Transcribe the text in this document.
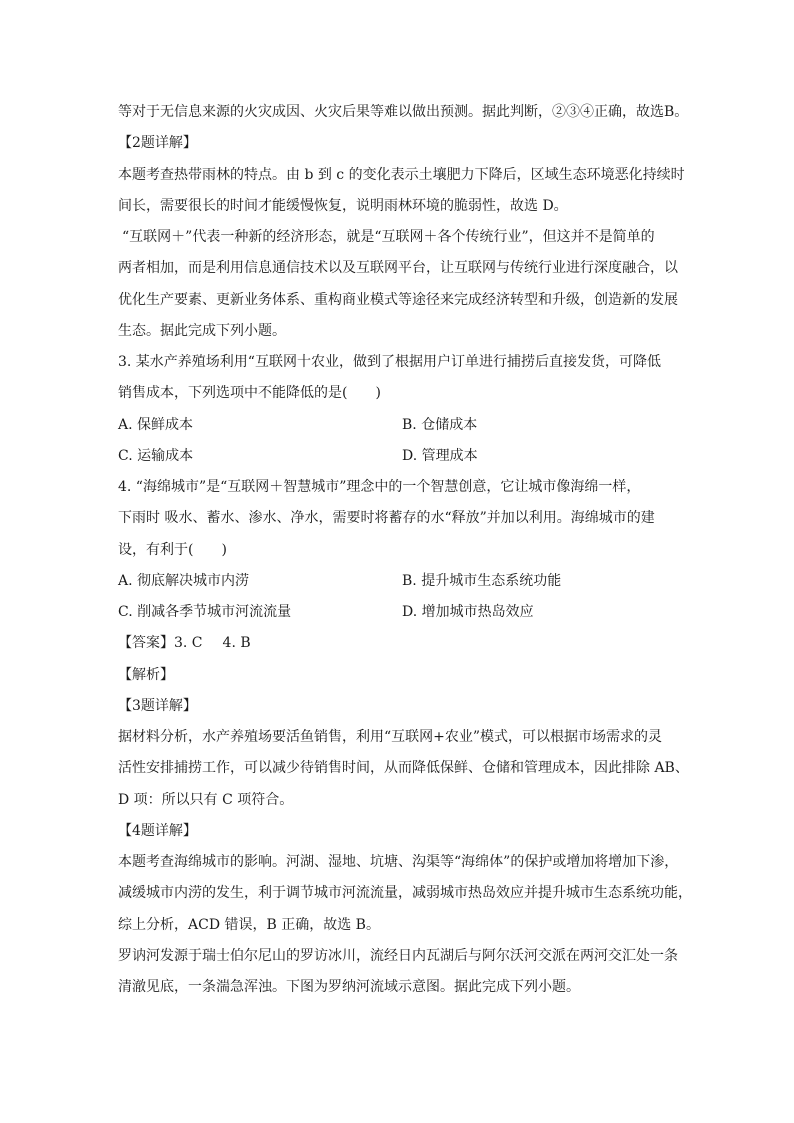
等对于无信息来源的火灾成因、火灾后果等难以做出预测。据此判断，②③④正确，故选B。
【2题详解】
本题考查热带雨林的特点。由 b 到 c 的变化表示土壤肥力下降后，区域生态环境恶化持续时
间长，需要很长的时间才能缓慢恢复，说明雨林环境的脆弱性，故选 D。
“互联网＋”代表一种新的经济形态，就是“互联网＋各个传统行业”，但这并不是简单的
两者相加，而是利用信息通信技术以及互联网平台，让互联网与传统行业进行深度融合，以
优化生产要素、更新业务体系、重构商业模式等途径来完成经济转型和升级，创造新的发展
生态。据此完成下列小题。
3. 某水产养殖场利用“互联网十农业，做到了根据用户订单进行捕捞后直接发货，可降低
销售成本，下列选项中不能降低的是(　　)
A. 保鲜成本	B. 仓储成本
C. 运输成本	D. 管理成本
4. “海绵城市”是“互联网＋智慧城市”理念中的一个智慧创意，它让城市像海绵一样，
下雨时 吸水、蓄水、渗水、净水，需要时将蓄存的水“释放”并加以利用。海绵城市的建
设，有利于(　　)
A. 彻底解决城市内涝	B. 提升城市生态系统功能
C. 削减各季节城市河流流量	D. 增加城市热岛效应
【答案】3. C 4. B
【解析】
【3题详解】
据材料分析，水产养殖场要活鱼销售，利用“互联网+农业”模式，可以根据市场需求的灵
活性安排捕捞工作，可以减少待销售时间，从而降低保鲜、仓储和管理成本，因此排除 AB、
D 项：所以只有 C 项符合。
【4题详解】
本题考查海绵城市的影响。河湖、湿地、坑塘、沟渠等“海绵体”的保护或增加将增加下渗，
减缓城市内涝的发生，利于调节城市河流流量，减弱城市热岛效应并提升城市生态系统功能，
综上分析，ACD 错误，B 正确，故选 B。
罗讷河发源于瑞士伯尔尼山的罗访冰川，流经日内瓦湖后与阿尔沃河交派在两河交汇处一条
清澈见底，一条湍急浑浊。下图为罗纳河流域示意图。据此完成下列小题。
